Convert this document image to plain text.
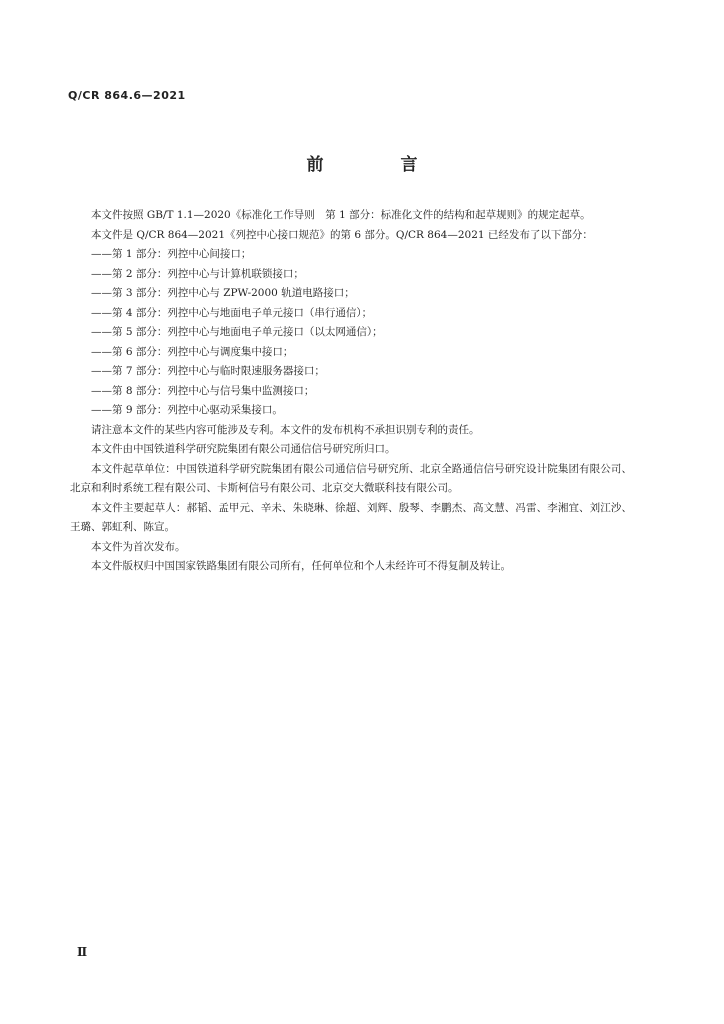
Q/CR 864.6—2021
前　言

本文件按照 GB/T 1.1—2020《标准化工作导则　第 1 部分：标准化文件的结构和起草规则》的规定起草。

本文件是 Q/CR 864—2021《列控中心接口规范》的第 6 部分。Q/CR 864—2021 已经发布了以下部分：

——第 1 部分：列控中心间接口；
——第 2 部分：列控中心与计算机联锁接口；
——第 3 部分：列控中心与 ZPW-2000 轨道电路接口；
——第 4 部分：列控中心与地面电子单元接口（串行通信）；
——第 5 部分：列控中心与地面电子单元接口（以太网通信）；
——第 6 部分：列控中心与调度集中接口；
——第 7 部分：列控中心与临时限速服务器接口；
——第 8 部分：列控中心与信号集中监测接口；
——第 9 部分：列控中心驱动采集接口。

请注意本文件的某些内容可能涉及专利。本文件的发布机构不承担识别专利的责任。

本文件由中国铁道科学研究院集团有限公司通信信号研究所归口。

本文件起草单位：中国铁道科学研究院集团有限公司通信信号研究所、北京全路通信信号研究设计院集团有限公司、北京和利时系统工程有限公司、卡斯柯信号有限公司、北京交大微联科技有限公司。

本文件主要起草人：郝韬、孟甲元、辛未、朱晓琳、徐超、刘辉、殷琴、李鹏杰、高文慧、冯雷、李湘宜、刘江沙、王璐、郭虹利、陈宣。

本文件为首次发布。

本文件版权归中国国家铁路集团有限公司所有，任何单位和个人未经许可不得复制及转让。

Ⅱ
